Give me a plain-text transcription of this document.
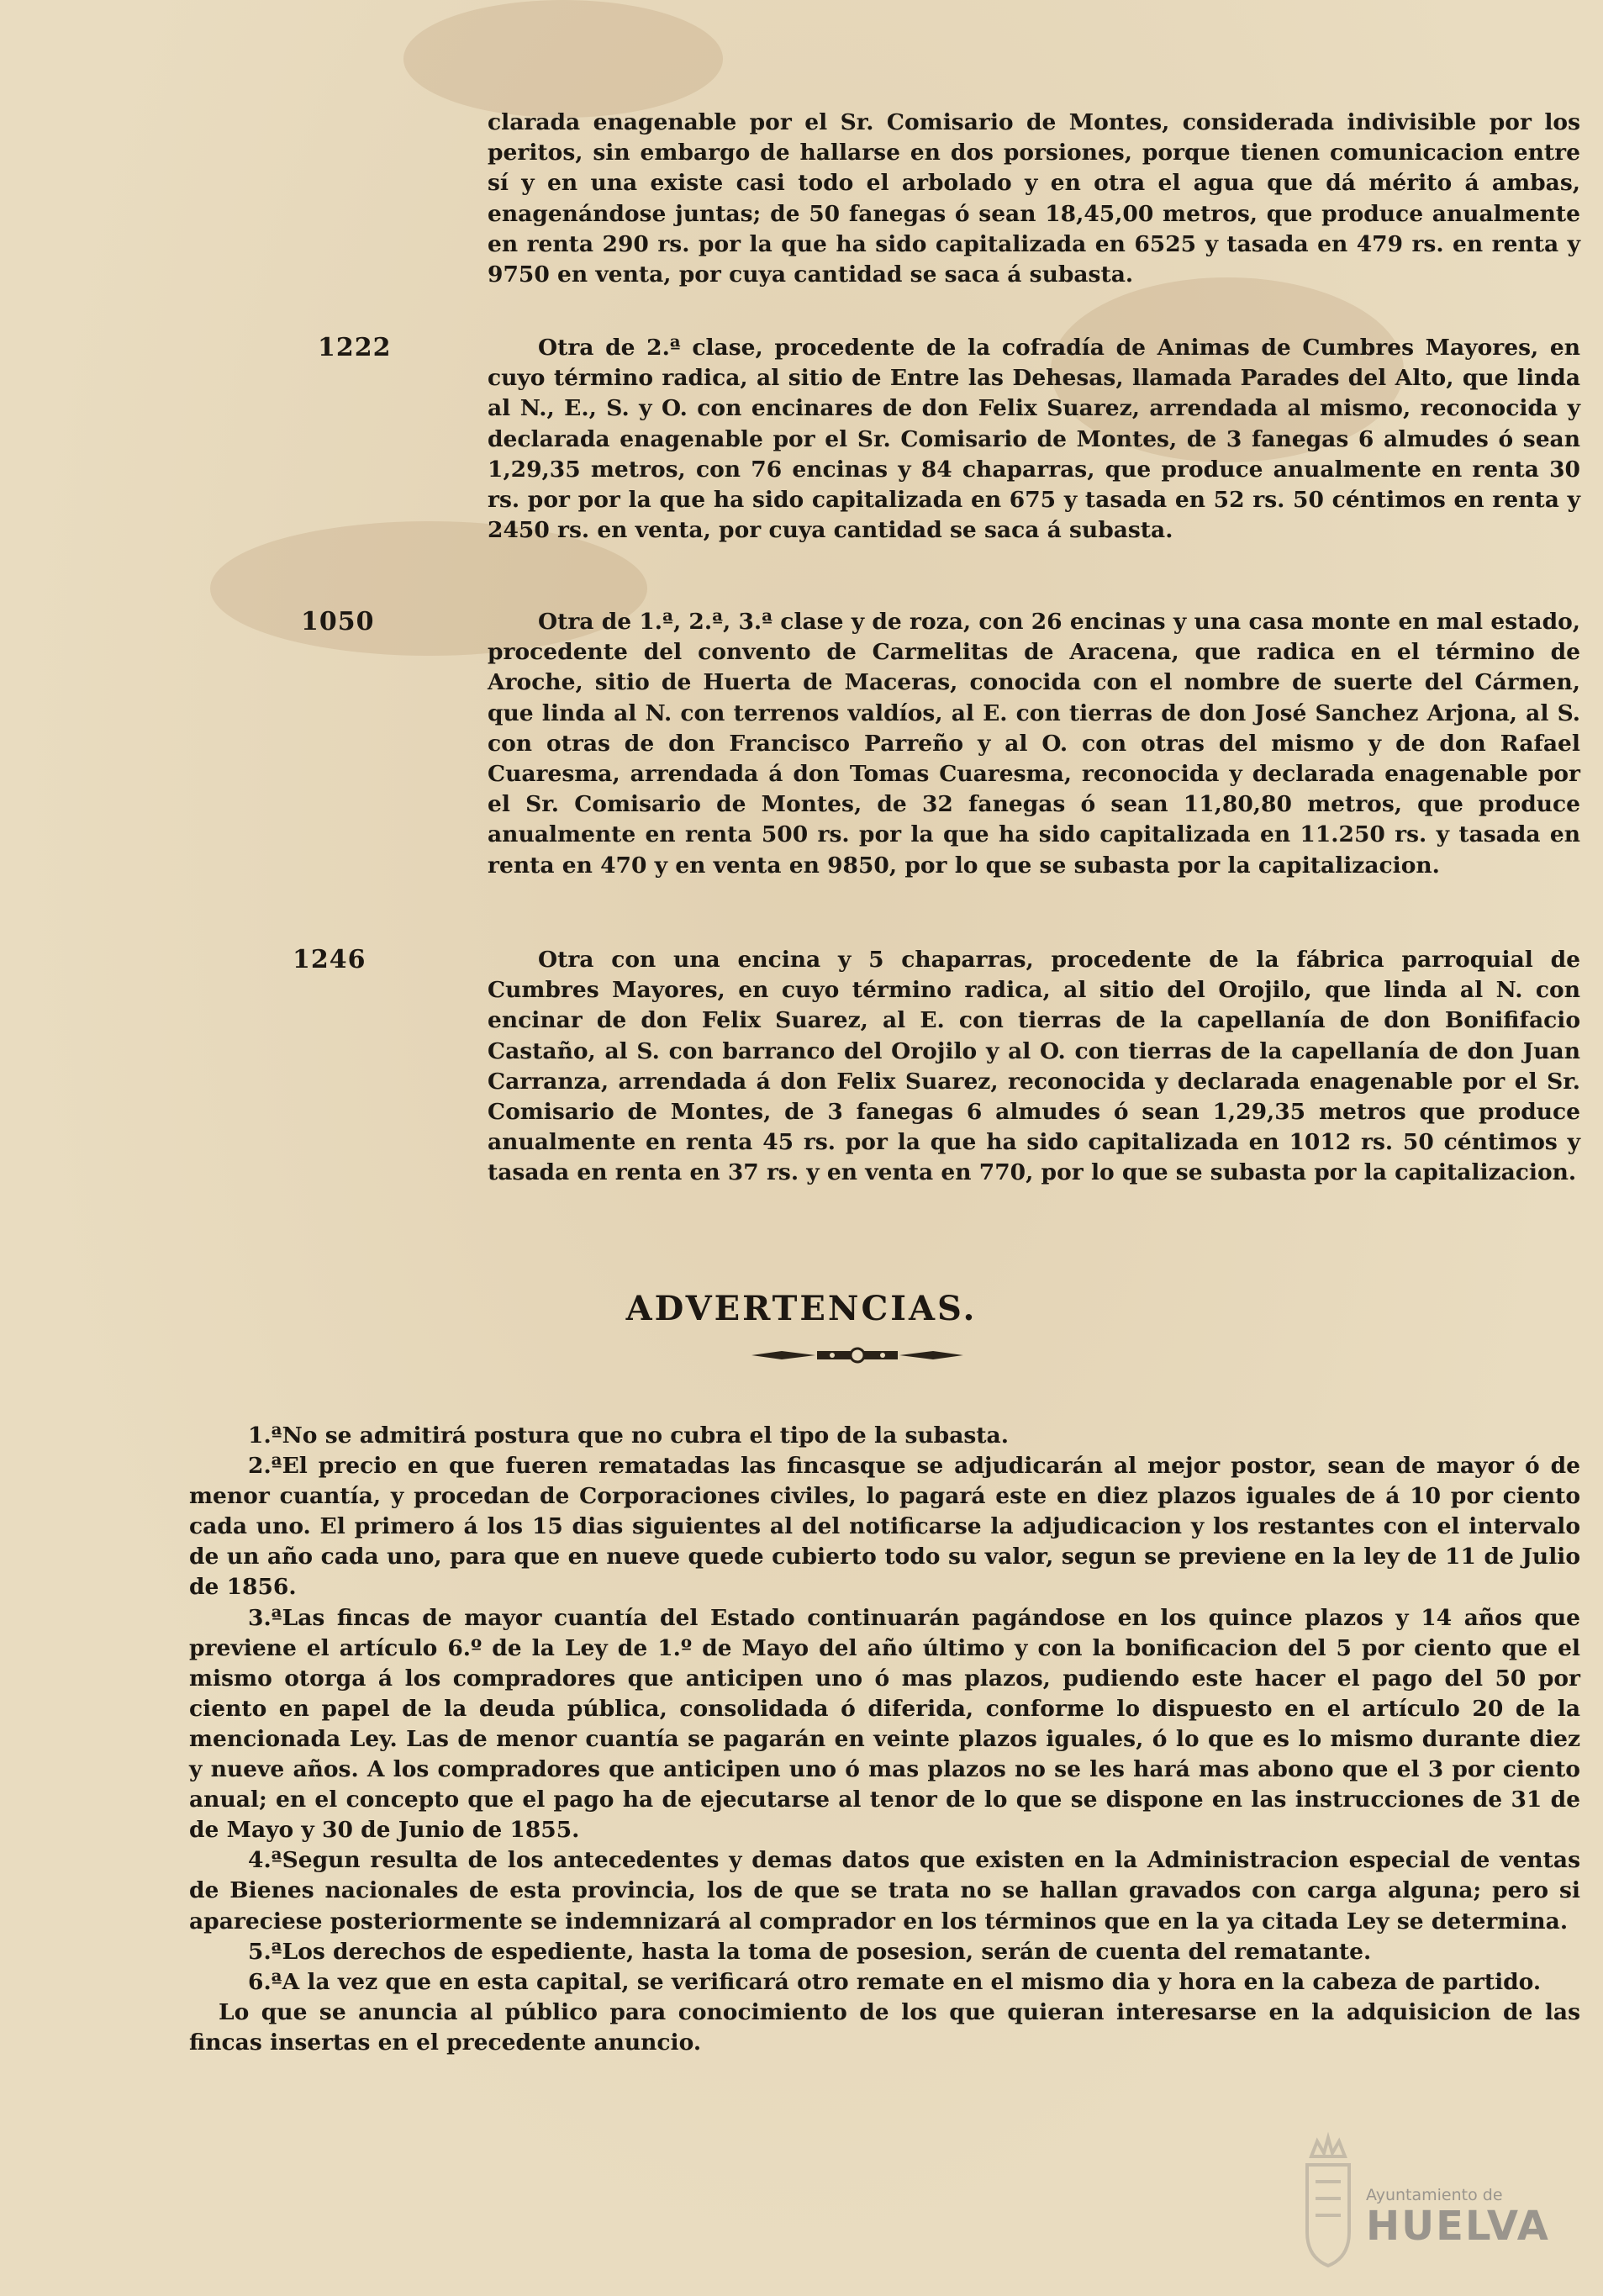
clarada enagenable por el Sr. Comisario de Montes, considerada indivisible por los peritos, sin embargo de hallarse en dos porsiones, porque tienen comunicacion entre sí y en una existe casi todo el arbolado y en otra el agua que dá mérito á ambas, enagenándose juntas; de 50 fanegas ó sean 18,45,00 metros, que produce anualmente en renta 290 rs. por la que ha sido capitalizada en 6525 y tasada en 479 rs. en renta y 9750 en venta, por cuya cantidad se saca á subasta.
1222	Otra de 2.ª clase, procedente de la cofradía de Animas de Cumbres Mayores, en cuyo término radica, al sitio de Entre las Dehesas, llamada Parades del Alto, que linda al N., E., S. y O. con encinares de don Felix Suarez, arrendada al mismo, reconocida y declarada enagenable por el Sr. Comisario de Montes, de 3 fanegas 6 almudes ó sean 1,29,35 metros, con 76 encinas y 84 chaparras, que produce anualmente en renta 30 rs. por por la que ha sido capitalizada en 675 y tasada en 52 rs. 50 céntimos en renta y 2450 rs. en venta, por cuya cantidad se saca á subasta.
1050	Otra de 1.ª, 2.ª, 3.ª clase y de roza, con 26 encinas y una casa monte en mal estado, procedente del convento de Carmelitas de Aracena, que radica en el término de Aroche, sitio de Huerta de Maceras, conocida con el nombre de suerte del Cármen, que linda al N. con terrenos valdíos, al E. con tierras de don José Sanchez Arjona, al S. con otras de don Francisco Parreño y al O. con otras del mismo y de don Rafael Cuaresma, arrendada á don Tomas Cuaresma, reconocida y declarada enagenable por el Sr. Comisario de Montes, de 32 fanegas ó sean 11,80,80 metros, que produce anualmente en renta 500 rs. por la que ha sido capitalizada en 11.250 rs. y tasada en renta en 470 y en venta en 9850, por lo que se subasta por la capitalizacion.
1246	Otra con una encina y 5 chaparras, procedente de la fábrica parroquial de Cumbres Mayores, en cuyo término radica, al sitio del Orojilo, que linda al N. con encinar de don Felix Suarez, al E. con tierras de la capellanía de don Bonififacio Castaño, al S. con barranco del Orojilo y al O. con tierras de la capellanía de don Juan Carranza, arrendada á don Felix Suarez, reconocida y declarada enagenable por el Sr. Comisario de Montes, de 3 fanegas 6 almudes ó sean 1,29,35 metros que produce anualmente en renta 45 rs. por la que ha sido capitalizada en 1012 rs. 50 céntimos y tasada en renta en 37 rs. y en venta en 770, por lo que se subasta por la capitalizacion.
ADVERTENCIAS.

1.ªNo se admitirá postura que no cubra el tipo de la subasta.

2.ªEl precio en que fueren rematadas las fincasque se adjudicarán al mejor postor, sean de mayor ó de menor cuantía, y procedan de Corporaciones civiles, lo pagará este en diez plazos iguales de á 10 por ciento cada uno. El primero á los 15 dias siguientes al del notificarse la adjudicacion y los restantes con el intervalo de un año cada uno, para que en nueve quede cubierto todo su valor, segun se previene en la ley de 11 de Julio de 1856.

3.ªLas fincas de mayor cuantía del Estado continuarán pagándose en los quince plazos y 14 años que previene el artículo 6.º de la Ley de 1.º de Mayo del año último y con la bonificacion del 5 por ciento que el mismo otorga á los compradores que anticipen uno ó mas plazos, pudiendo este hacer el pago del 50 por ciento en papel de la deuda pública, consolidada ó diferida, conforme lo dispuesto en el artículo 20 de la mencionada Ley. Las de menor cuantía se pagarán en veinte plazos iguales, ó lo que es lo mismo durante diez y nueve años. A los compradores que anticipen uno ó mas plazos no se les hará mas abono que el 3 por ciento anual; en el concepto que el pago ha de ejecutarse al tenor de lo que se dispone en las instrucciones de 31 de de Mayo y 30 de Junio de 1855.

4.ªSegun resulta de los antecedentes y demas datos que existen en la Administracion especial de ventas de Bienes nacionales de esta provincia, los de que se trata no se hallan gravados con carga alguna; pero si apareciese posteriormente se indemnizará al comprador en los términos que en la ya citada Ley se determina.

5.ªLos derechos de espediente, hasta la toma de posesion, serán de cuenta del rematante.

6.ªA la vez que en esta capital, se verificará otro remate en el mismo dia y hora en la cabeza de partido.

Lo que se anuncia al público para conocimiento de los que quieran interesarse en la adquisicion de las fincas insertas en el precedente anuncio.

Ayuntamiento de
HUELVA
